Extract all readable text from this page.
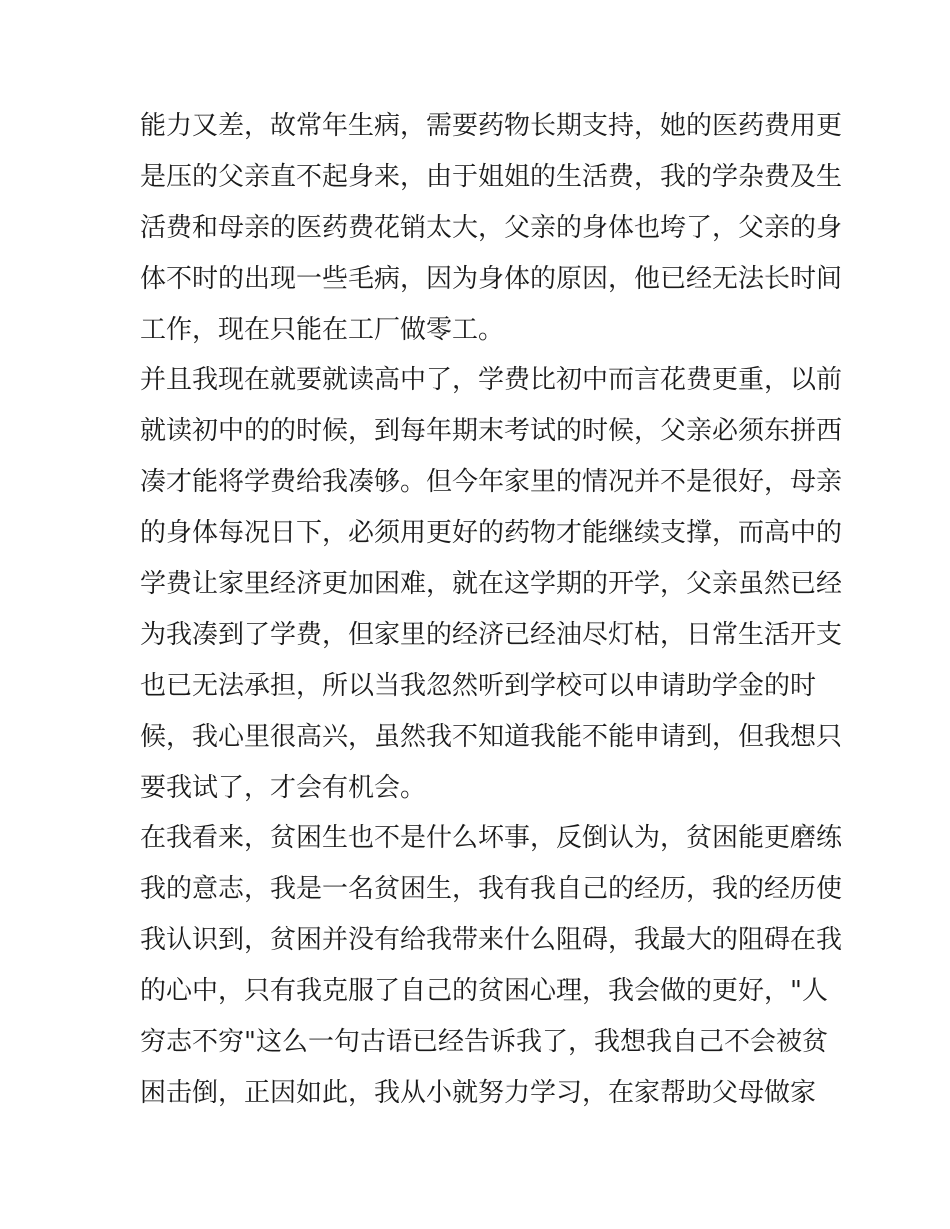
能力又差，故常年生病，需要药物长期支持，她的医药费用更
是压的父亲直不起身来，由于姐姐的生活费，我的学杂费及生
活费和母亲的医药费花销太大，父亲的身体也垮了，父亲的身
体不时的出现一些毛病，因为身体的原因，他已经无法长时间
工作，现在只能在工厂做零工。
并且我现在就要就读高中了，学费比初中而言花费更重，以前
就读初中的的时候，到每年期末考试的时候，父亲必须东拼西
凑才能将学费给我凑够。但今年家里的情况并不是很好，母亲
的身体每况日下，必须用更好的药物才能继续支撑，而高中的
学费让家里经济更加困难，就在这学期的开学，父亲虽然已经
为我凑到了学费，但家里的经济已经油尽灯枯，日常生活开支
也已无法承担，所以当我忽然听到学校可以申请助学金的时
候，我心里很高兴，虽然我不知道我能不能申请到，但我想只
要我试了，才会有机会。
在我看来，贫困生也不是什么坏事，反倒认为，贫困能更磨练
我的意志，我是一名贫困生，我有我自己的经历，我的经历使
我认识到，贫困并没有给我带来什么阻碍，我最大的阻碍在我
的心中，只有我克服了自己的贫困心理，我会做的更好，"人
穷志不穷"这么一句古语已经告诉我了，我想我自己不会被贫
困击倒，正因如此，我从小就努力学习，在家帮助父母做家
